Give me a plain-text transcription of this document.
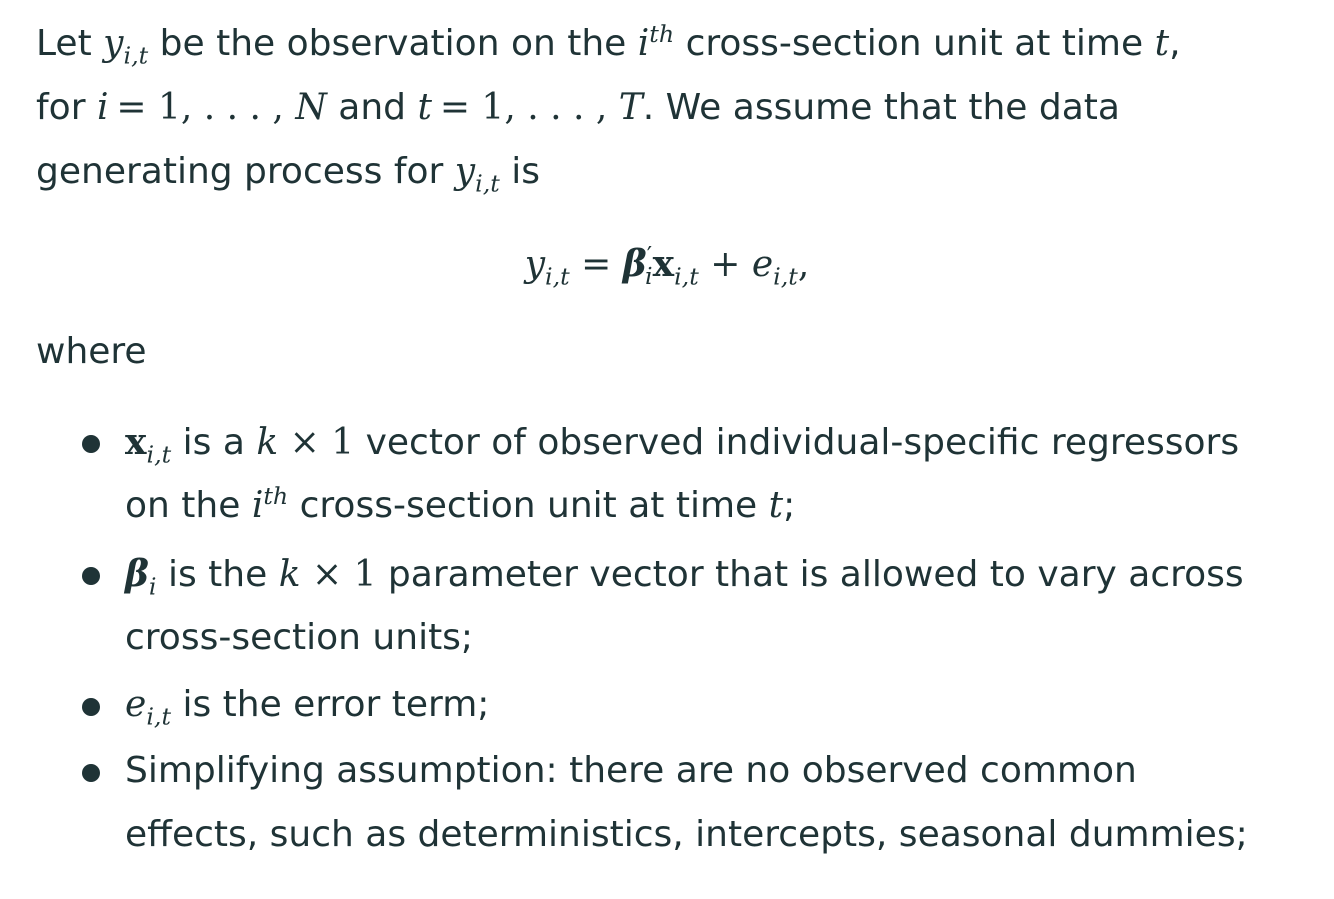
Let $y_{i,t}$ be the observation on the $i^{th}$ cross-section unit at time t,
for i = 1, . . . , N and t = 1, . . . , T. We assume that the data
generating process for $y_{i,t}$ is
$y_{i,t} = \beta'_ix_{i,t} + e_{i,t}$,
where
$x_{i,t}$ is a k × 1 vector of observed individual-specific regressors
on the $i^{th}$ cross-section unit at time t;
$\beta_i$ is the k × 1 parameter vector that is allowed to vary across
cross-section units;
$e_{i,t}$ is the error term;
Simplifying assumption: there are no observed common
effects, such as deterministics, intercepts, seasonal dummies;
